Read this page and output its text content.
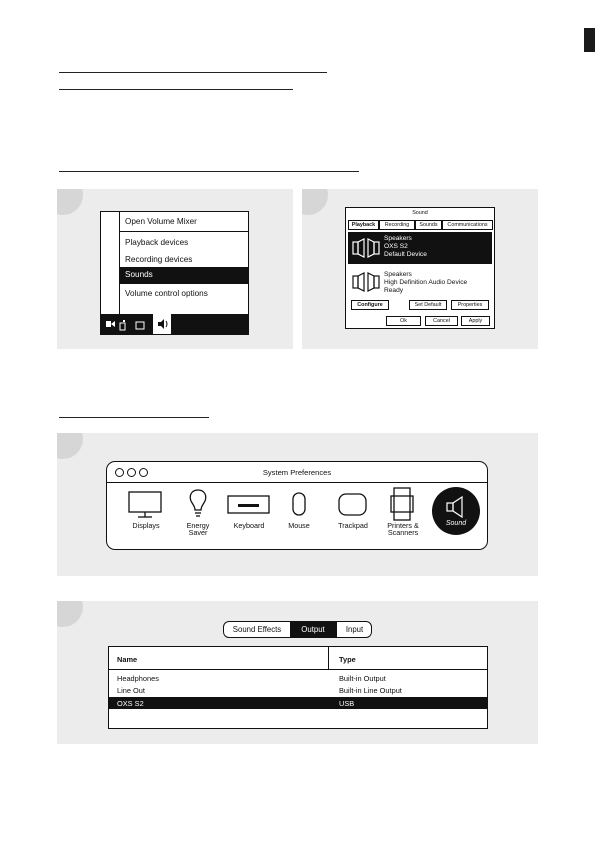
Open Volume Mixer
Playback devices
Recording devices
Sounds
Volume control options
Sound
Playback	Recording	Sounds	Communications
Speakers
OXS S2
Default Device
Speakers
High Definition Audio Device
Ready
Configure	Set Default	Properties
Ok	Cancel	Apply
System Preferences
Displays	Energy
Saver
Keyboard	Mouse	Trackpad	Printers &
Scanners
Sound
Sound Effects	Output	Input
Name	Type
Headphones	Built-in Output
Line Out	Built-in Line Output
OXS S2	USB
